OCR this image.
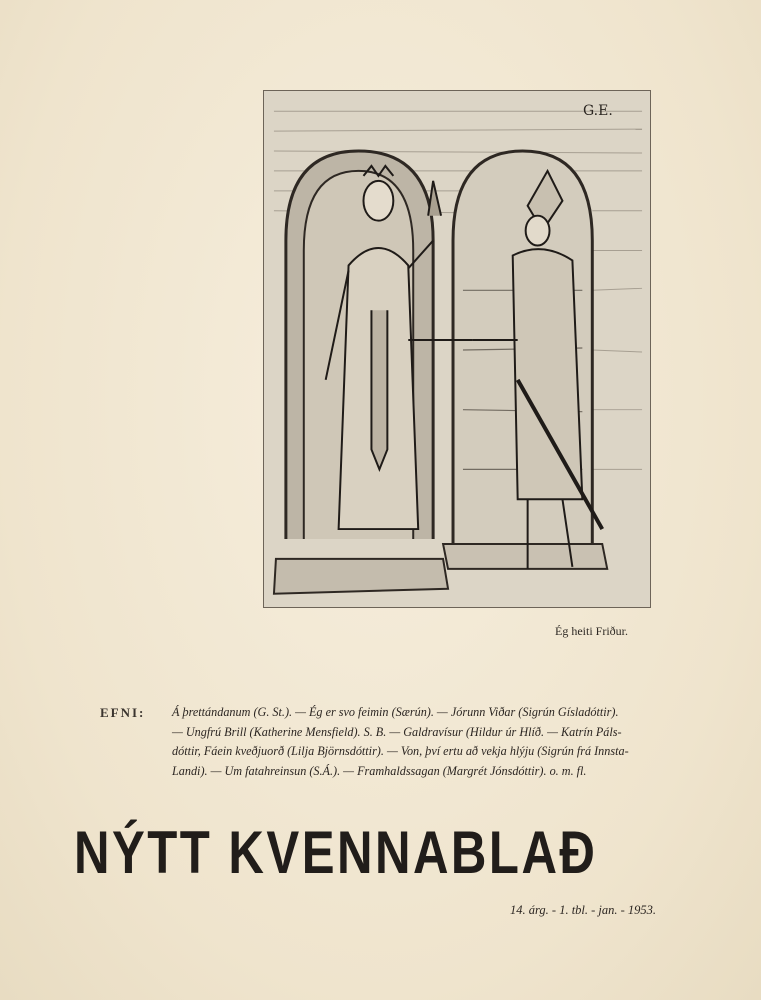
G.E.
Ég heiti Friður.
EFNI: Á þrettándanum (G. St.). — Ég er svo feimin (Særún). — Jórunn Viðar (Sigrún Gísladóttir).
— Ungfrú Brill (Katherine Mensfield). S. B. — Galdravísur (Hildur úr Hlíð. — Katrín Páls-
dóttir, Fáein kveðjuorð (Lilja Björnsdóttir). — Von, því ertu að vekja hlýju (Sigrún frá Innsta-
Landi). — Um fatahreinsun (S.Á.). — Framhaldssagan (Margrét Jónsdóttir). o. m. fl.
NÝTT KVENNABLAÐ
14. árg. - 1. tbl. - jan. - 1953.
